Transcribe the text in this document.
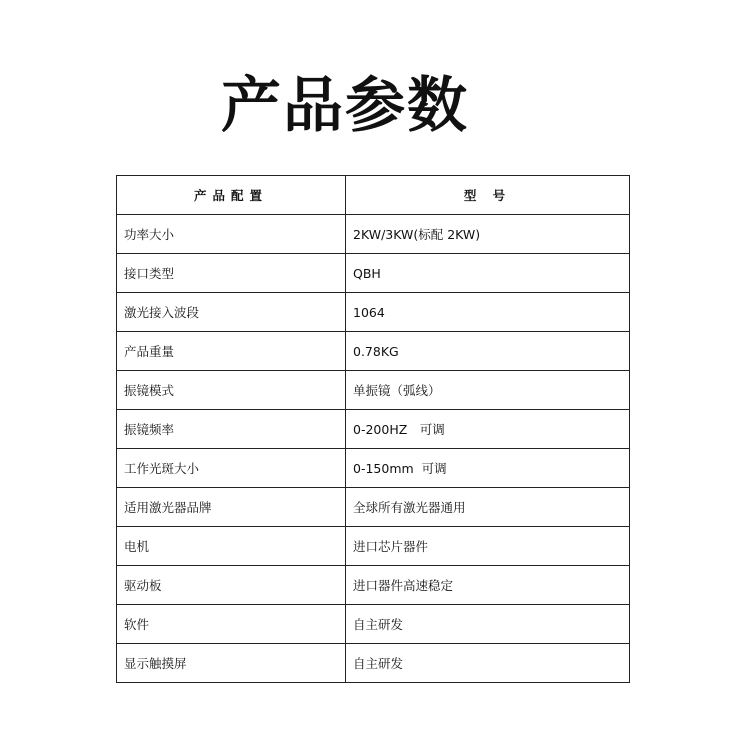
产品参数
产品配置	型 号
功率大小	2KW/3KW(标配 2KW)
接口类型	QBH
激光接入波段	1064
产品重量	0.78KG
振镜模式	单振镜（弧线）
振镜频率	0-200HZ　可调
工作光斑大小	0-150mm  可调
适用激光器品牌	全球所有激光器通用
电机	进口芯片器件
驱动板	进口器件高速稳定
软件	自主研发
显示触摸屏	自主研发
